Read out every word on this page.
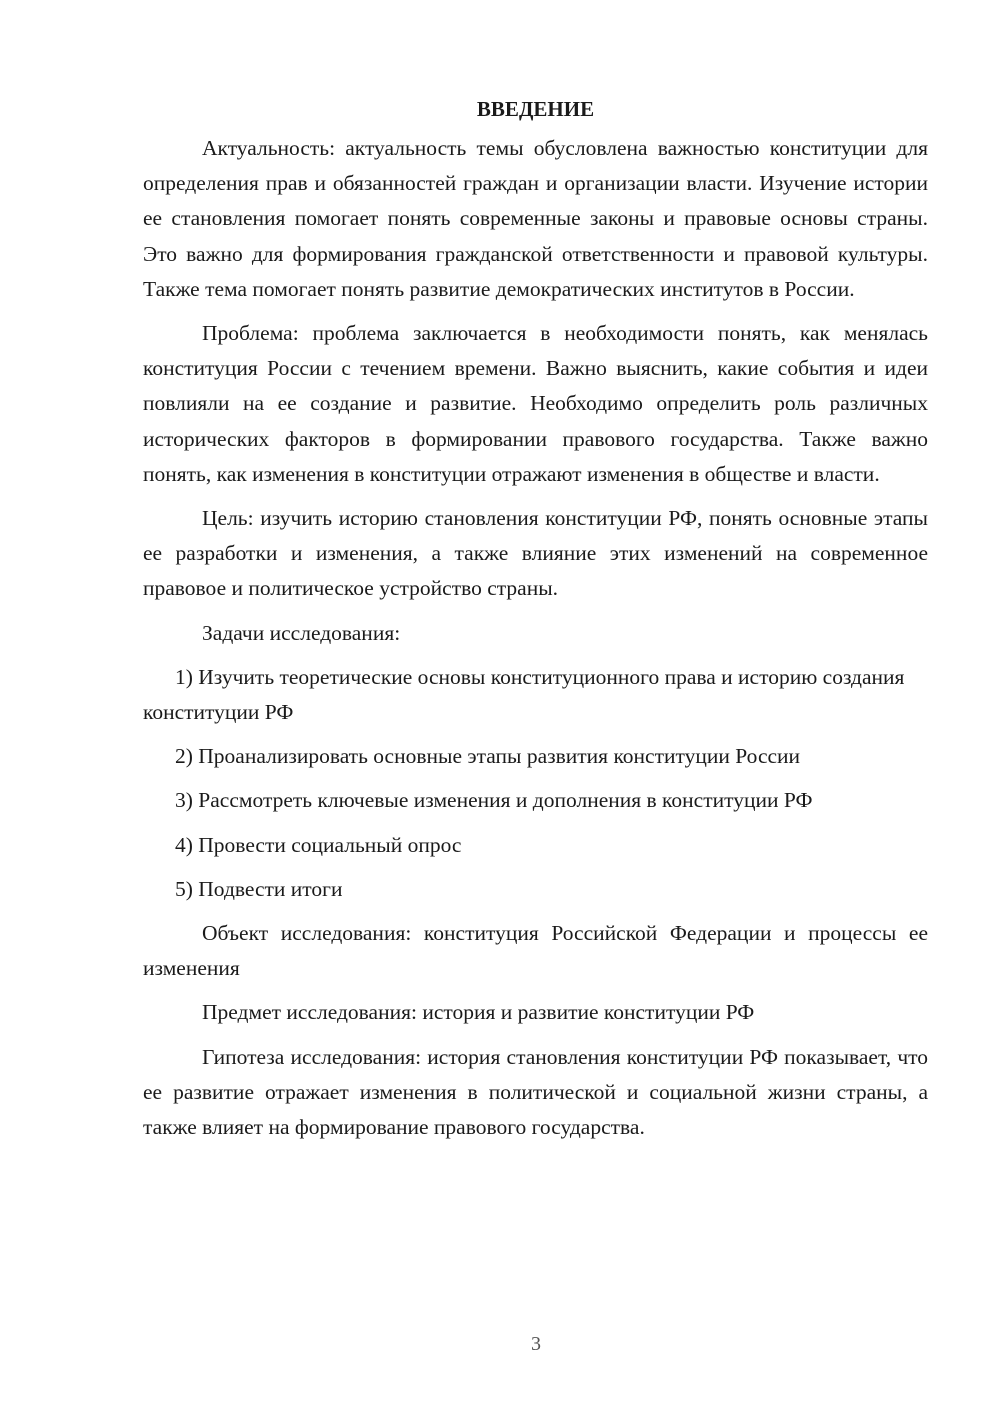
ВВЕДЕНИЕ

Актуальность: актуальность темы обусловлена важностью конституции для определения прав и обязанностей граждан и организации власти. Изучение истории ее становления помогает понять современные законы и правовые основы страны. Это важно для формирования гражданской ответственности и правовой культуры. Также тема помогает понять развитие демократических институтов в России.

Проблема: проблема заключается в необходимости понять, как менялась конституция России с течением времени. Важно выяснить, какие события и идеи повлияли на ее создание и развитие. Необходимо определить роль различных исторических факторов в формировании правового государства. Также важно понять, как изменения в конституции отражают изменения в обществе и власти.

Цель: изучить историю становления конституции РФ, понять основные этапы ее разработки и изменения, а также влияние этих изменений на современное правовое и политическое устройство страны.

Задачи исследования:

1) Изучить теоретические основы конституционного права и историю создания конституции РФ

2) Проанализировать основные этапы развития конституции России

3) Рассмотреть ключевые изменения и дополнения в конституции РФ

4) Провести социальный опрос

5) Подвести итоги

Объект исследования: конституция Российской Федерации и процессы ее изменения

Предмет исследования: история и развитие конституции РФ

Гипотеза исследования: история становления конституции РФ показывает, что ее развитие отражает изменения в политической и социальной жизни страны, а также влияет на формирование правового государства.

3
